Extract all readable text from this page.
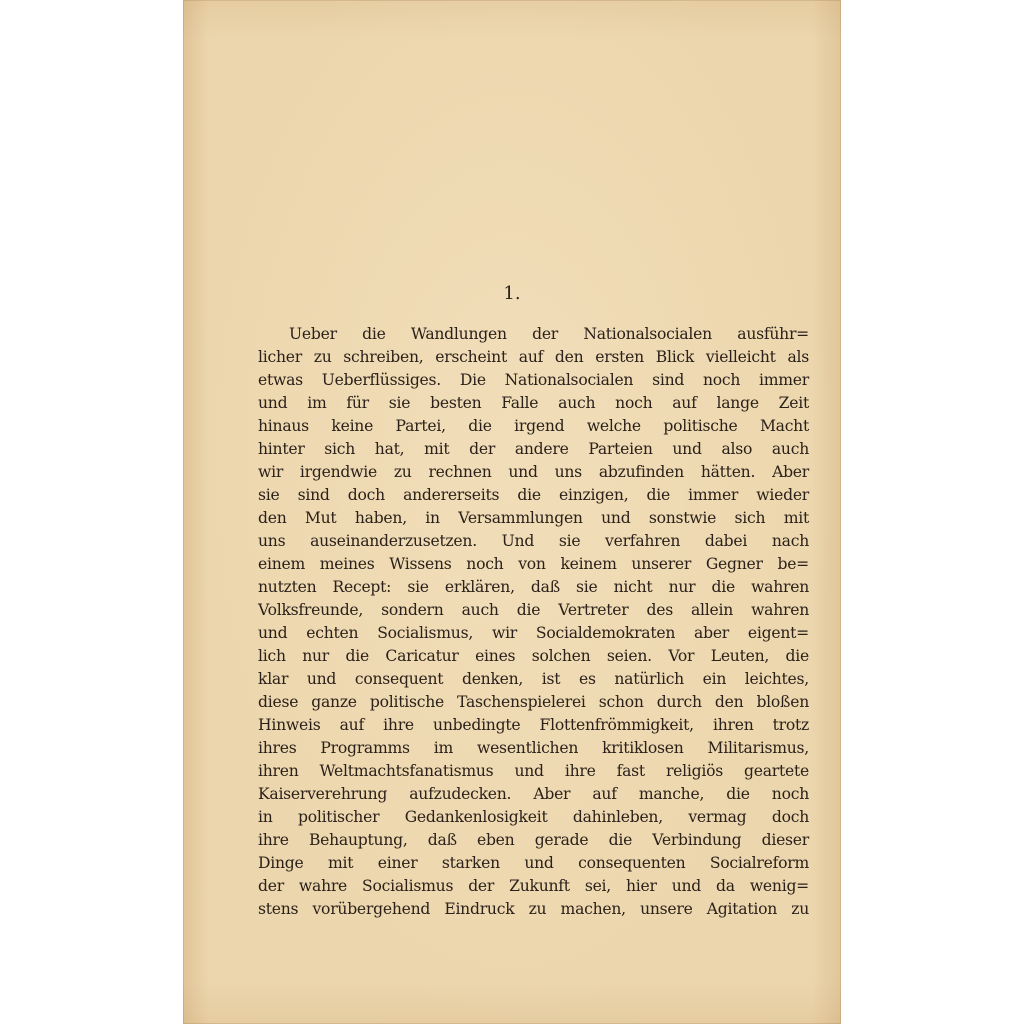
1.
Ueber die Wandlungen der Nationalsocialen ausführ=
licher zu schreiben, erscheint auf den ersten Blick vielleicht als
etwas Ueberflüssiges. Die Nationalsocialen sind noch immer
und im für sie besten Falle auch noch auf lange Zeit
hinaus keine Partei, die irgend welche politische Macht
hinter sich hat, mit der andere Parteien und also auch
wir irgendwie zu rechnen und uns abzufinden hätten. Aber
sie sind doch andererseits die einzigen, die immer wieder
den Mut haben, in Versammlungen und sonstwie sich mit
uns auseinanderzusetzen. Und sie verfahren dabei nach
einem meines Wissens noch von keinem unserer Gegner be=
nutzten Recept: sie erklären, daß sie nicht nur die wahren
Volksfreunde, sondern auch die Vertreter des allein wahren
und echten Socialismus, wir Socialdemokraten aber eigent=
lich nur die Caricatur eines solchen seien. Vor Leuten, die
klar und consequent denken, ist es natürlich ein leichtes,
diese ganze politische Taschenspielerei schon durch den bloßen
Hinweis auf ihre unbedingte Flottenfrömmigkeit, ihren trotz
ihres Programms im wesentlichen kritiklosen Militarismus,
ihren Weltmachtsfanatismus und ihre fast religiös geartete
Kaiserverehrung aufzudecken. Aber auf manche, die noch
in politischer Gedankenlosigkeit dahinleben, vermag doch
ihre Behauptung, daß eben gerade die Verbindung dieser
Dinge mit einer starken und consequenten Socialreform
der wahre Socialismus der Zukunft sei, hier und da wenig=
stens vorübergehend Eindruck zu machen, unsere Agitation zu
